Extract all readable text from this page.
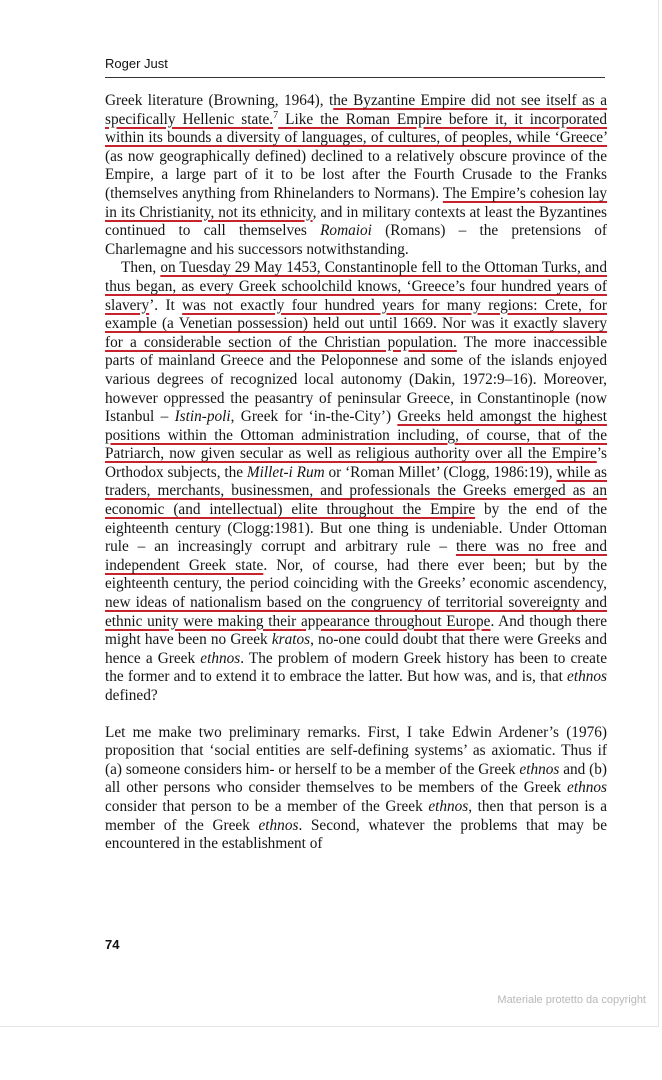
Roger Just

Greek literature (Browning, 1964), the Byzantine Empire did not see itself as a specifically Hellenic state.$^7$ Like the Roman Empire before it, it incorporated within its bounds a diversity of languages, of cultures, of peoples, while ‘Greece’ (as now geographically defined) declined to a relatively obscure province of the Empire, a large part of it to be lost after the Fourth Crusade to the Franks (themselves anything from Rhinelanders to Normans). The Empire’s cohesion lay in its Christianity, not its ethnicity, and in military contexts at least the Byzantines continued to call themselves Romaioi (Romans) – the pretensions of Charlemagne and his successors notwithstanding.

Then, on Tuesday 29 May 1453, Constantinople fell to the Ottoman Turks, and thus began, as every Greek schoolchild knows, ‘Greece’s four hundred years of slavery’. It was not exactly four hundred years for many regions: Crete, for example (a Venetian possession) held out until 1669. Nor was it exactly slavery for a considerable section of the Christian population. The more inaccessible parts of mainland Greece and the Peloponnese and some of the islands enjoyed various degrees of recognized local autonomy (Dakin, 1972:9–16). Moreover, however oppressed the peasantry of peninsular Greece, in Constantinople (now Istanbul – Istin-poli, Greek for ‘in-the-City’) Greeks held amongst the highest positions within the Ottoman administration including, of course, that of the Patriarch, now given secular as well as religious authority over all the Empire’s Orthodox subjects, the Millet-i Rum or ‘Roman Millet’ (Clogg, 1986:19), while as traders, merchants, businessmen, and professionals the Greeks emerged as an economic (and intellectual) elite throughout the Empire by the end of the eighteenth century (Clogg:1981). But one thing is undeniable. Under Ottoman rule – an increasingly corrupt and arbitrary rule – there was no free and independent Greek state. Nor, of course, had there ever been; but by the eighteenth century, the period coinciding with the Greeks’ economic ascendency, new ideas of nationalism based on the congruency of territorial sovereignty and ethnic unity were making their appearance throughout Europe. And though there might have been no Greek kratos, no-one could doubt that there were Greeks and hence a Greek ethnos. The problem of modern Greek history has been to create the former and to extend it to embrace the latter. But how was, and is, that ethnos defined?

Let me make two preliminary remarks. First, I take Edwin Ardener’s (1976) proposition that ‘social entities are self-defining systems’ as axiomatic. Thus if (a) someone considers him- or herself to be a member of the Greek ethnos and (b) all other persons who consider themselves to be members of the Greek ethnos consider that person to be a member of the Greek ethnos, then that person is a member of the Greek ethnos. Second, whatever the problems that may be encountered in the establishment of

74
Materiale protetto da copyright
